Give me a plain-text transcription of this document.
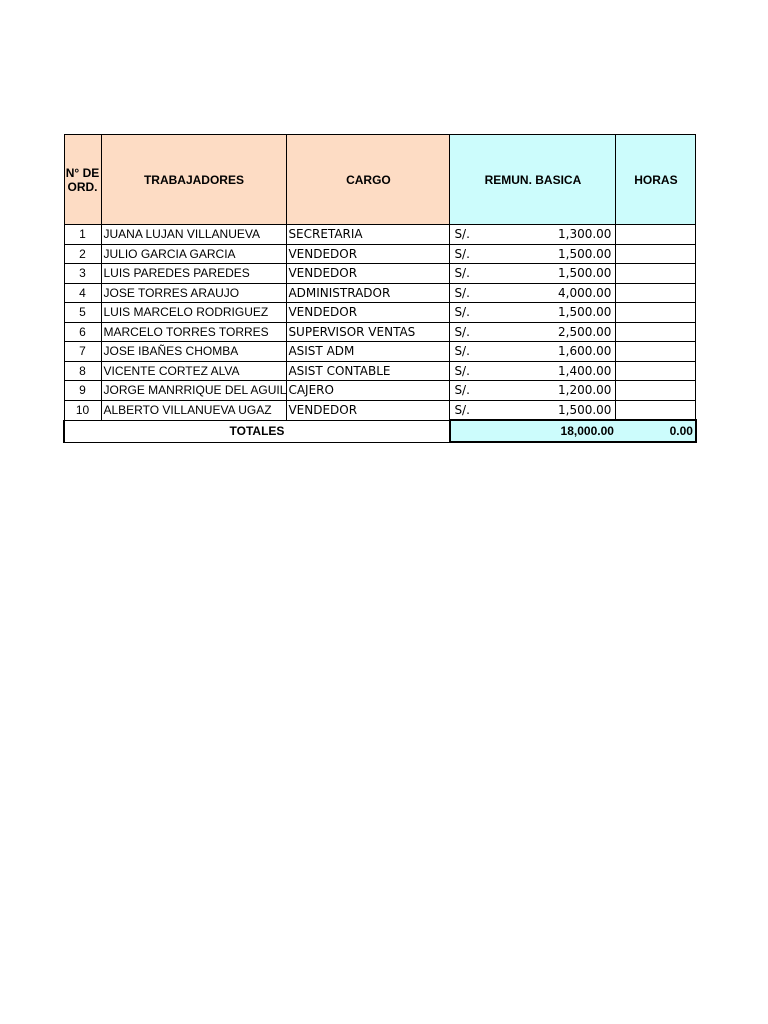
N° DE ORD.	TRABAJADORES	CARGO	REMUN. BASICA	HORAS
1	JUANA LUJAN VILLANUEVA	SECRETARIA	S/. 1,300.00	

2	JULIO GARCIA GARCIA	VENDEDOR	S/. 1,500.00	

3	LUIS PAREDES PAREDES	VENDEDOR	S/. 1,500.00	

4	JOSE TORRES ARAUJO	ADMINISTRADOR	S/. 4,000.00	

5	LUIS MARCELO RODRIGUEZ	VENDEDOR	S/. 1,500.00	

6	MARCELO TORRES TORRES	SUPERVISOR VENTAS	S/. 2,500.00	

7	JOSE IBAÑES CHOMBA	ASIST ADM	S/. 1,600.00	

8	VICENTE CORTEZ ALVA	ASIST CONTABLE	S/. 1,400.00	

9	JORGE MANRRIQUE DEL AGUIL	CAJERO	S/. 1,200.00	

10	ALBERTO VILLANUEVA UGAZ	VENDEDOR	S/. 1,500.00	

TOTALES			18,000.00	0.00
